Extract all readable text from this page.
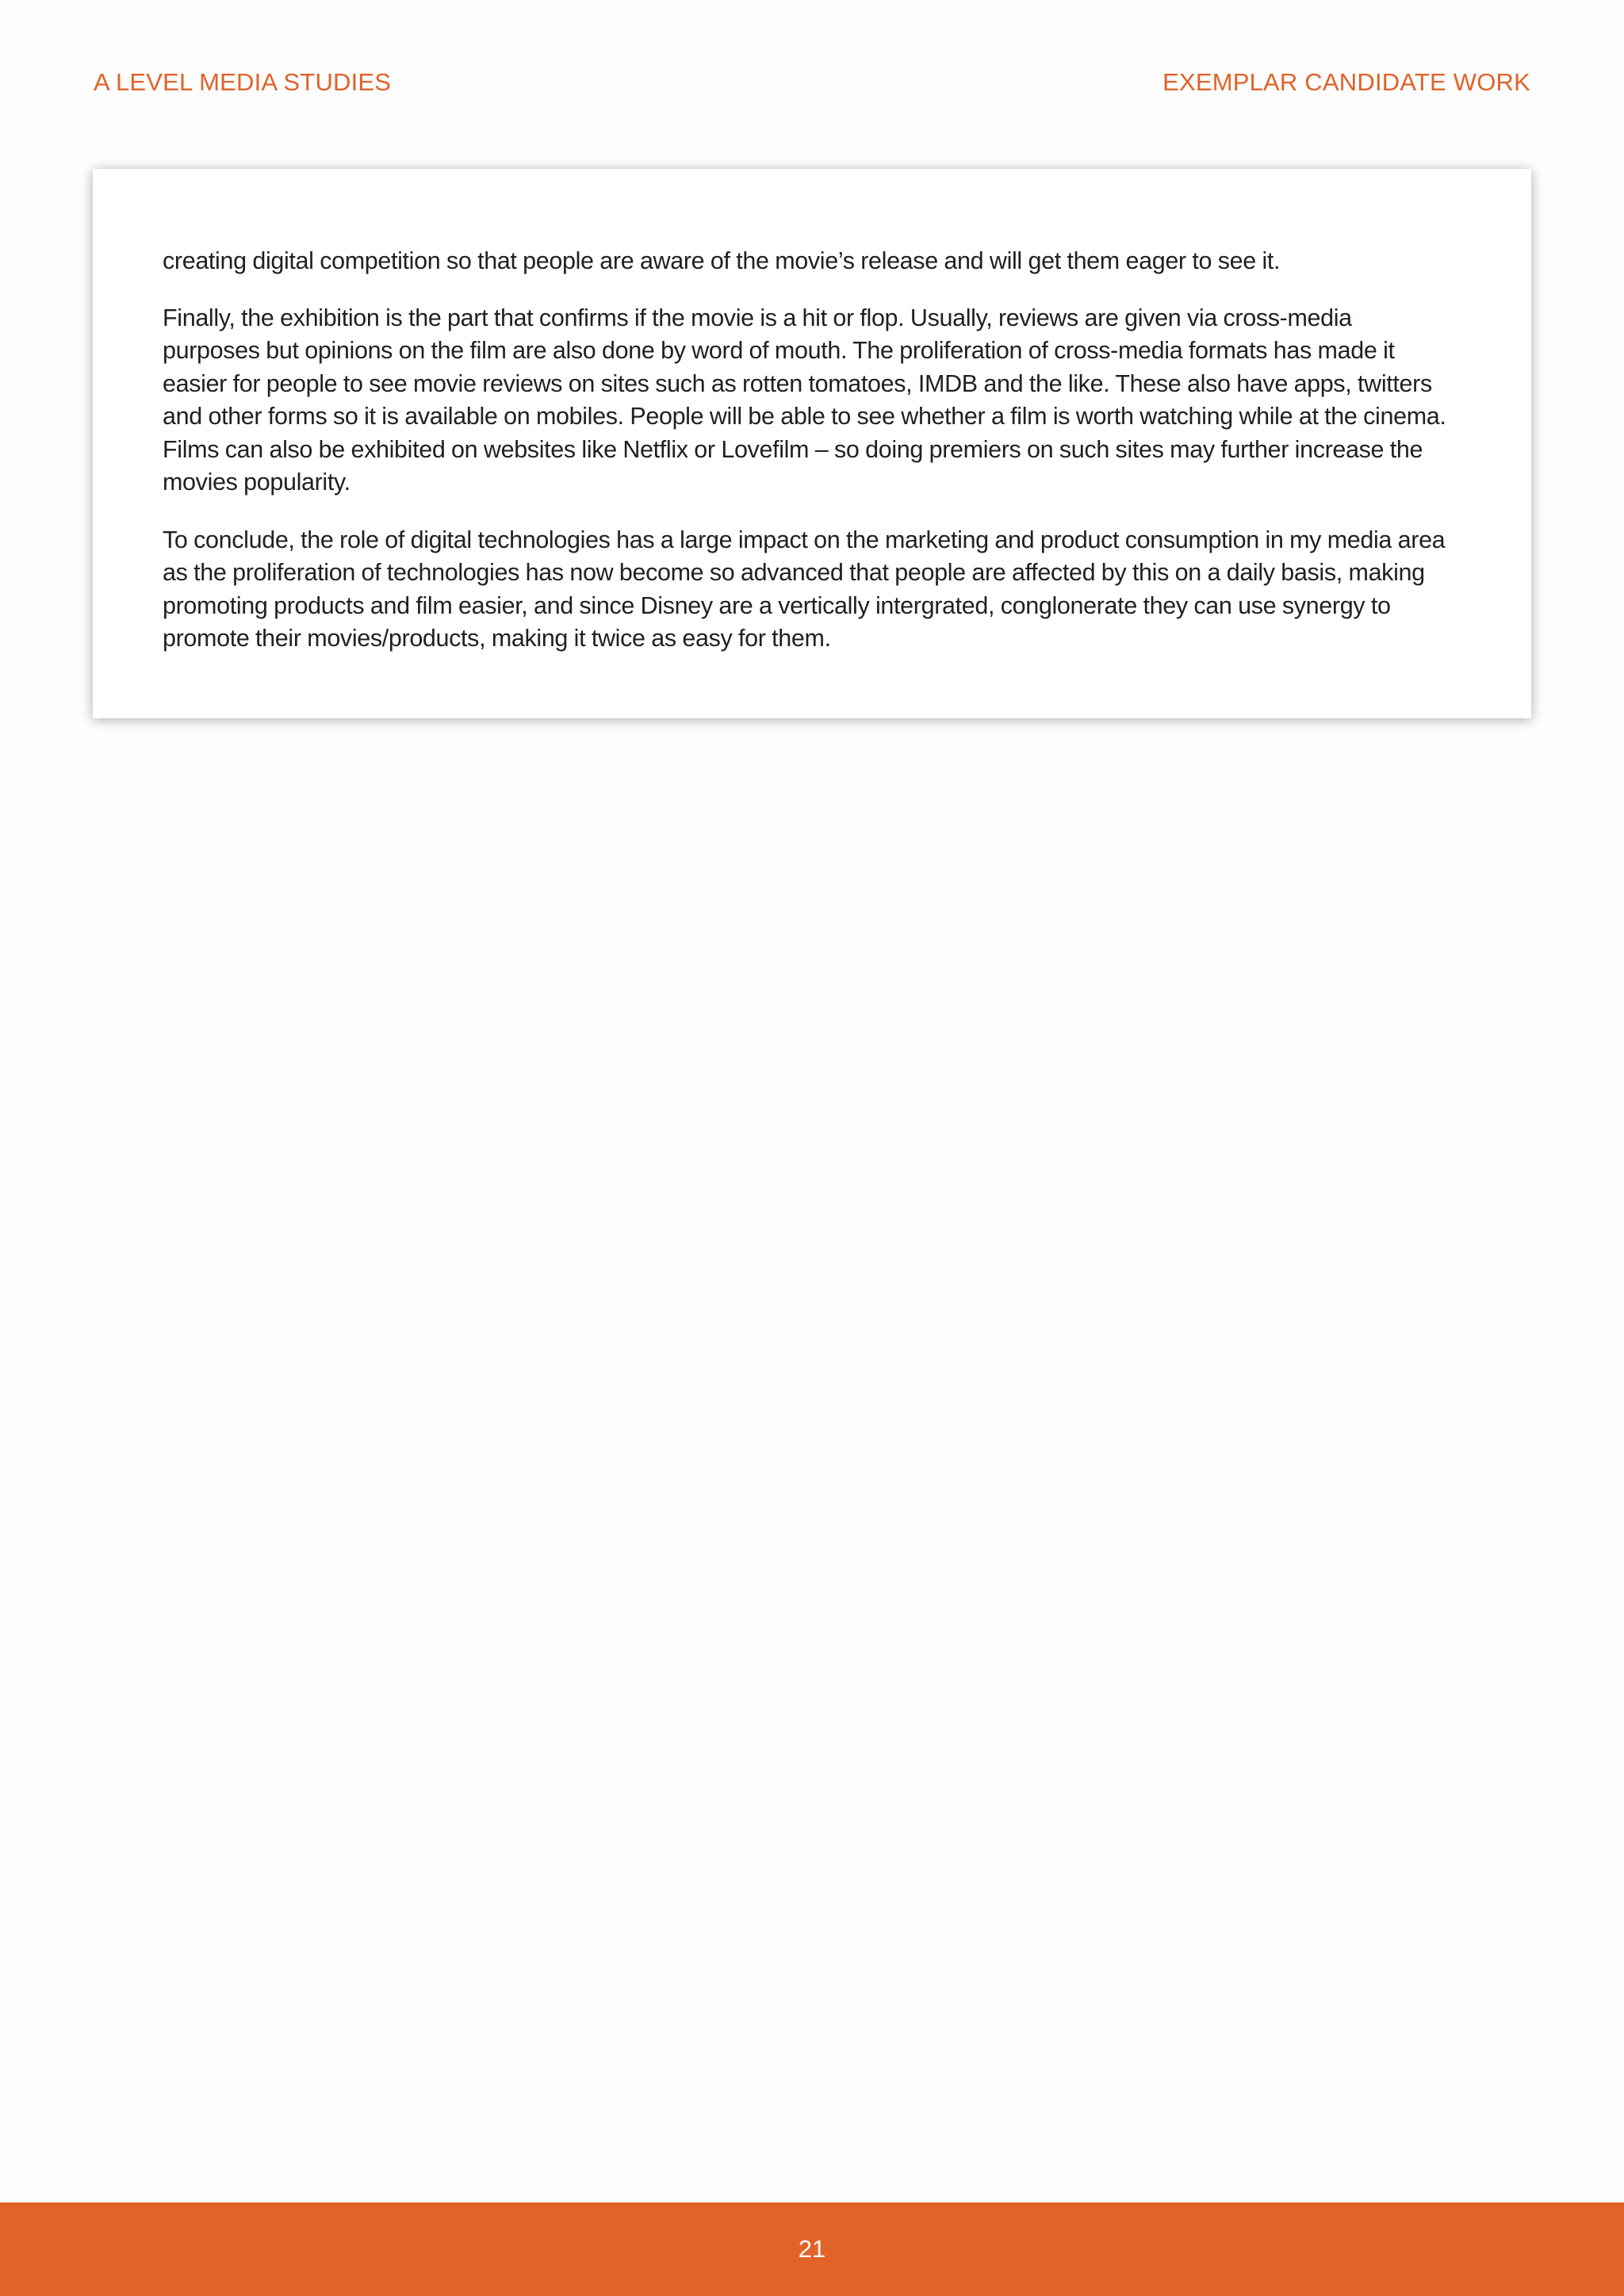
A LEVEL MEDIA STUDIES	EXEMPLAR CANDIDATE WORK

creating digital competition so that people are aware of the movie’s release and will get them eager to see it.

Finally, the exhibition is the part that confirms if the movie is a hit or flop. Usually, reviews are given via cross-media purposes but opinions on the film are also done by word of mouth. The proliferation of cross-media formats has made it easier for people to see movie reviews on sites such as rotten tomatoes, IMDB and the like. These also have apps, twitters and other forms so it is available on mobiles. People will be able to see whether a film is worth watching while at the cinema. Films can also be exhibited on websites like Netflix or Lovefilm – so doing premiers on such sites may further increase the movies popularity.

To conclude, the role of digital technologies has a large impact on the marketing and product consumption in my media area as the proliferation of technologies has now become so advanced that people are affected by this on a daily basis, making promoting products and film easier, and since Disney are a vertically intergrated, conglonerate they can use synergy to promote their movies/products, making it twice as easy for them.

21
